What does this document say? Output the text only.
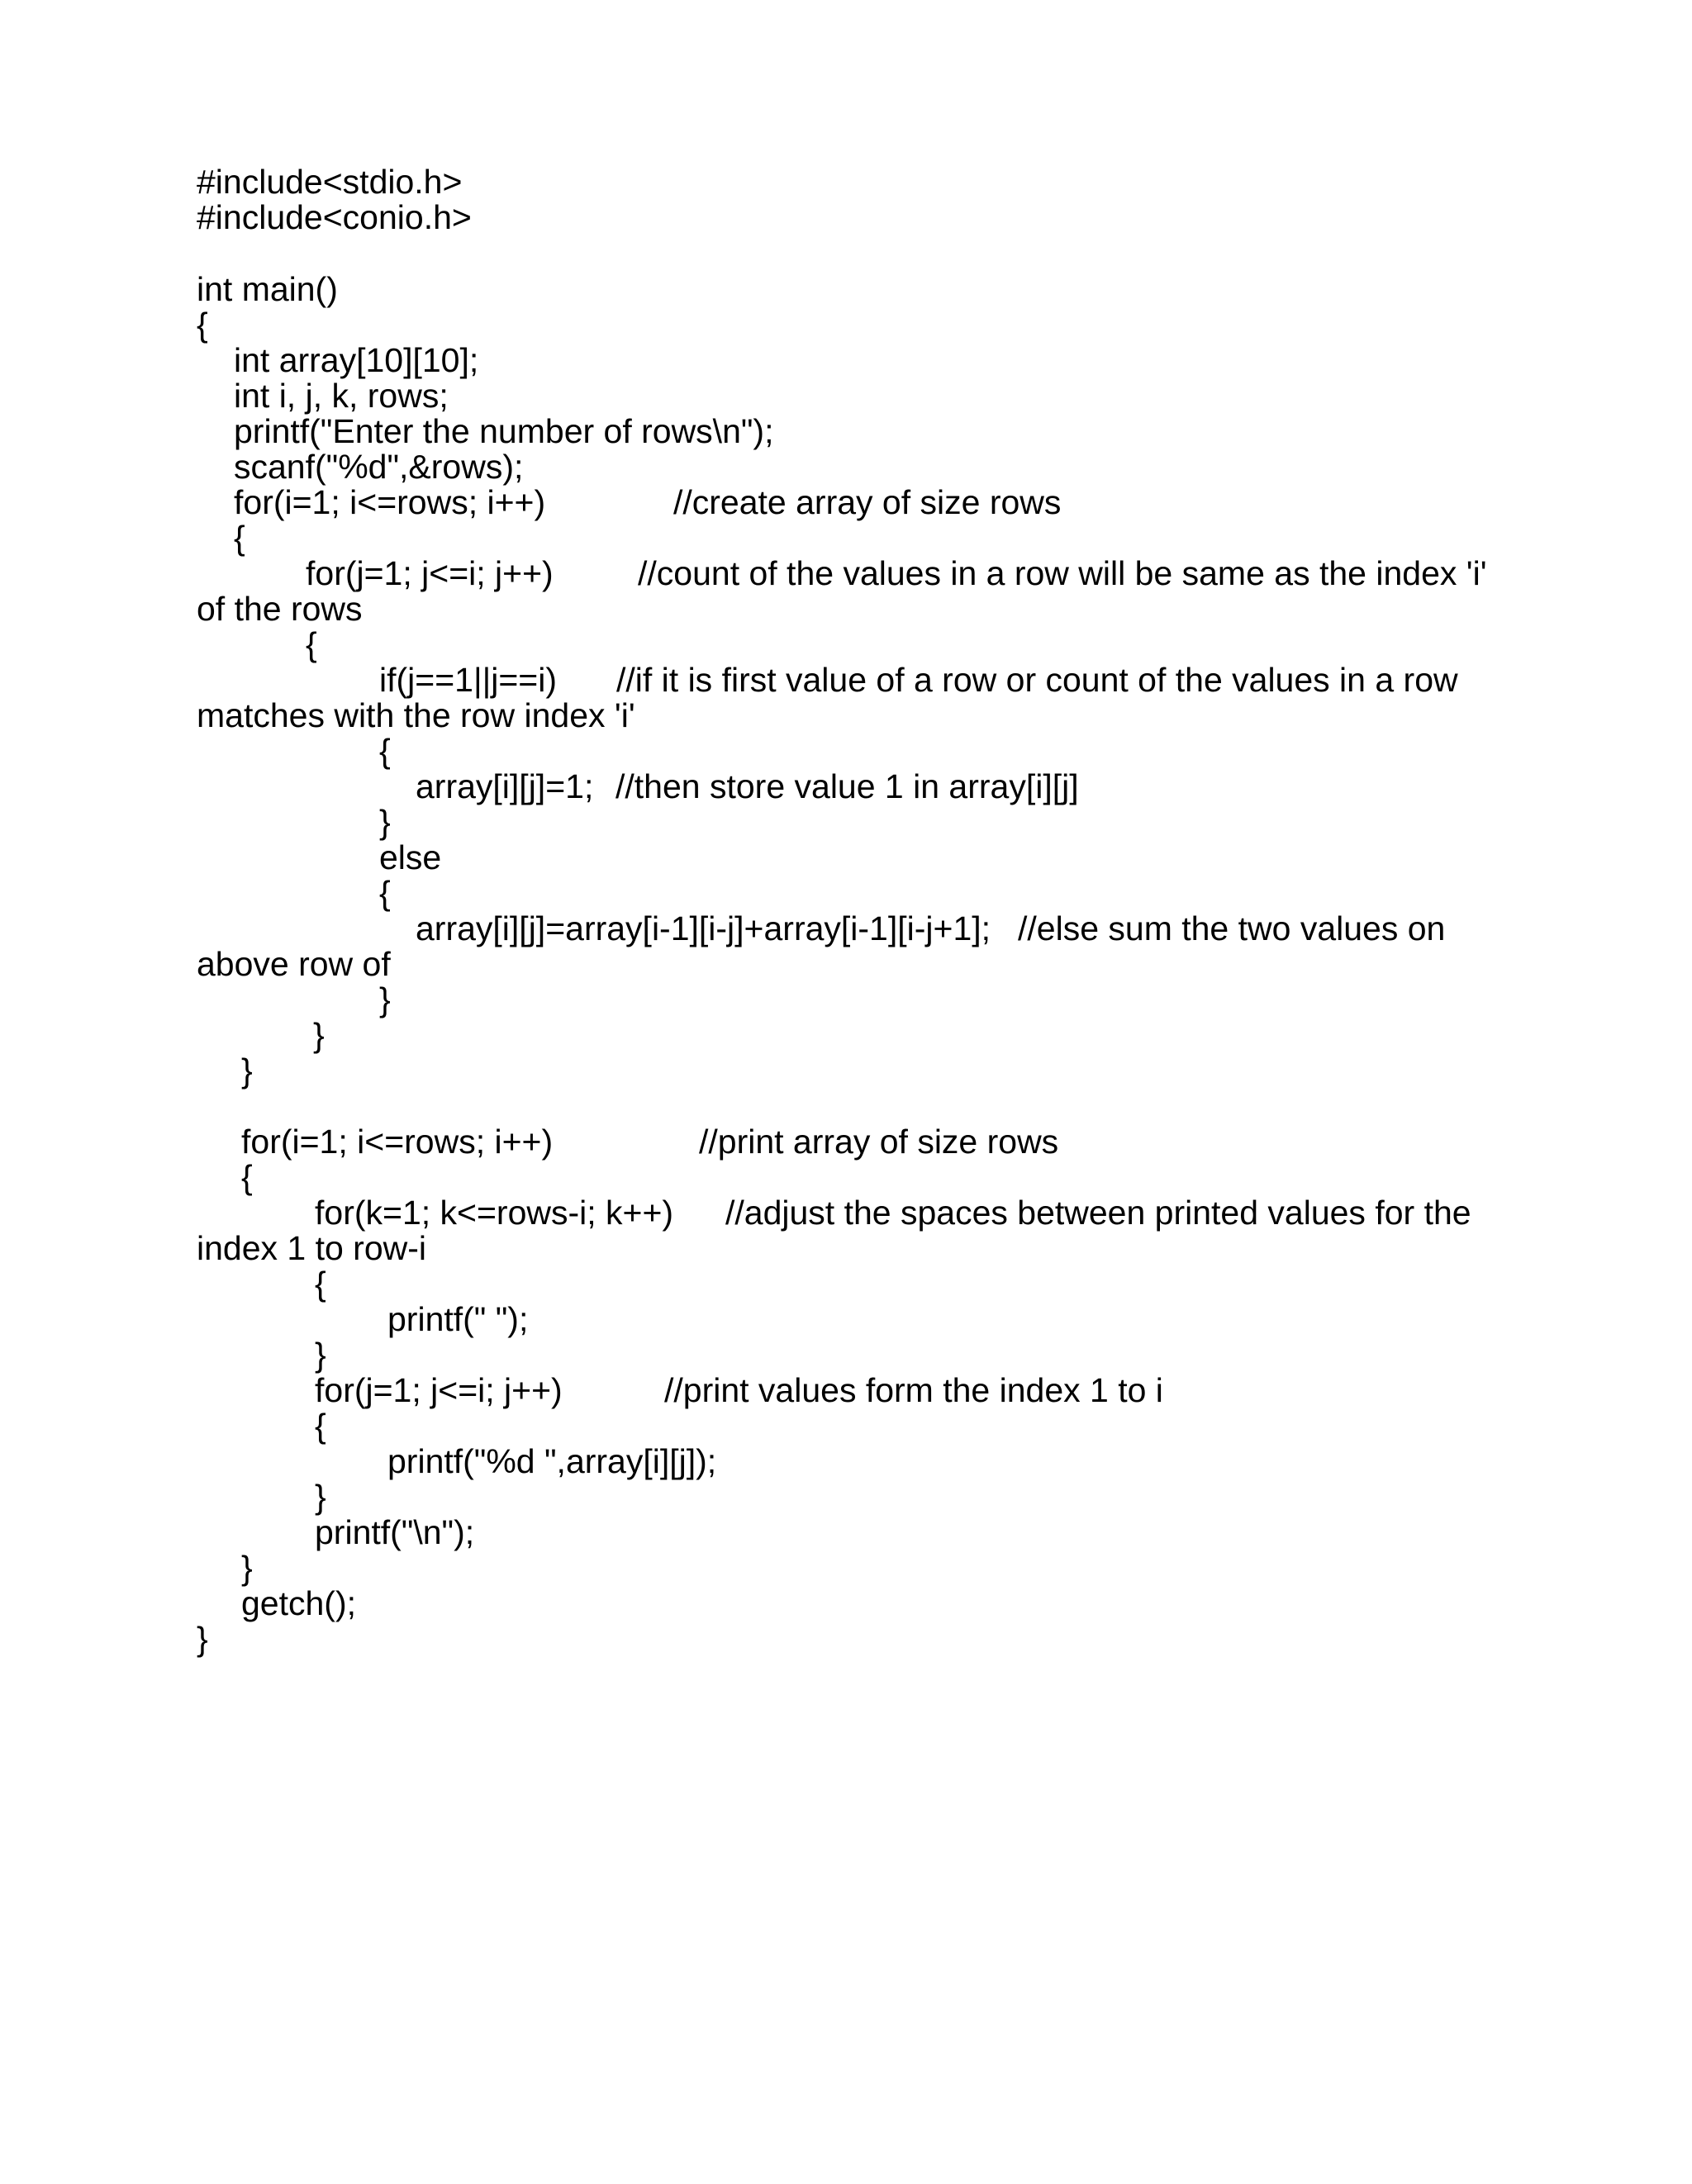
#include<stdio.h>

#include<conio.h>

int main()

{

int array[10][10];

int i, j, k, rows;

printf("Enter the number of rows\n");

scanf("%d",&rows);

for(i=1; i<=rows; i++)	//create array of size rows

{

for(j=1; j<=i; j++) //count of the values in a row will be same as the index 'i'

of the rows

{

if(j==1||j==i) //if it is first value of a row or count of the values in a row

matches with the row index 'i'

{

array[i][j]=1; //then store value 1 in array[i][j]

}

else

{

array[i][j]=array[i-1][i-j]+array[i-1][i-j+1]; //else sum the two values on

above row of

}

}

}

for(i=1; i<=rows; i++)	//print array of size rows

{

for(k=1; k<=rows-i; k++) //adjust the spaces between printed values for the

index 1 to row-i

{

printf(" ");

}

for(j=1; j<=i; j++)	//print values form the index 1 to i

{

printf("%d ",array[i][j]);

}

printf("\n");

}

getch();

}
